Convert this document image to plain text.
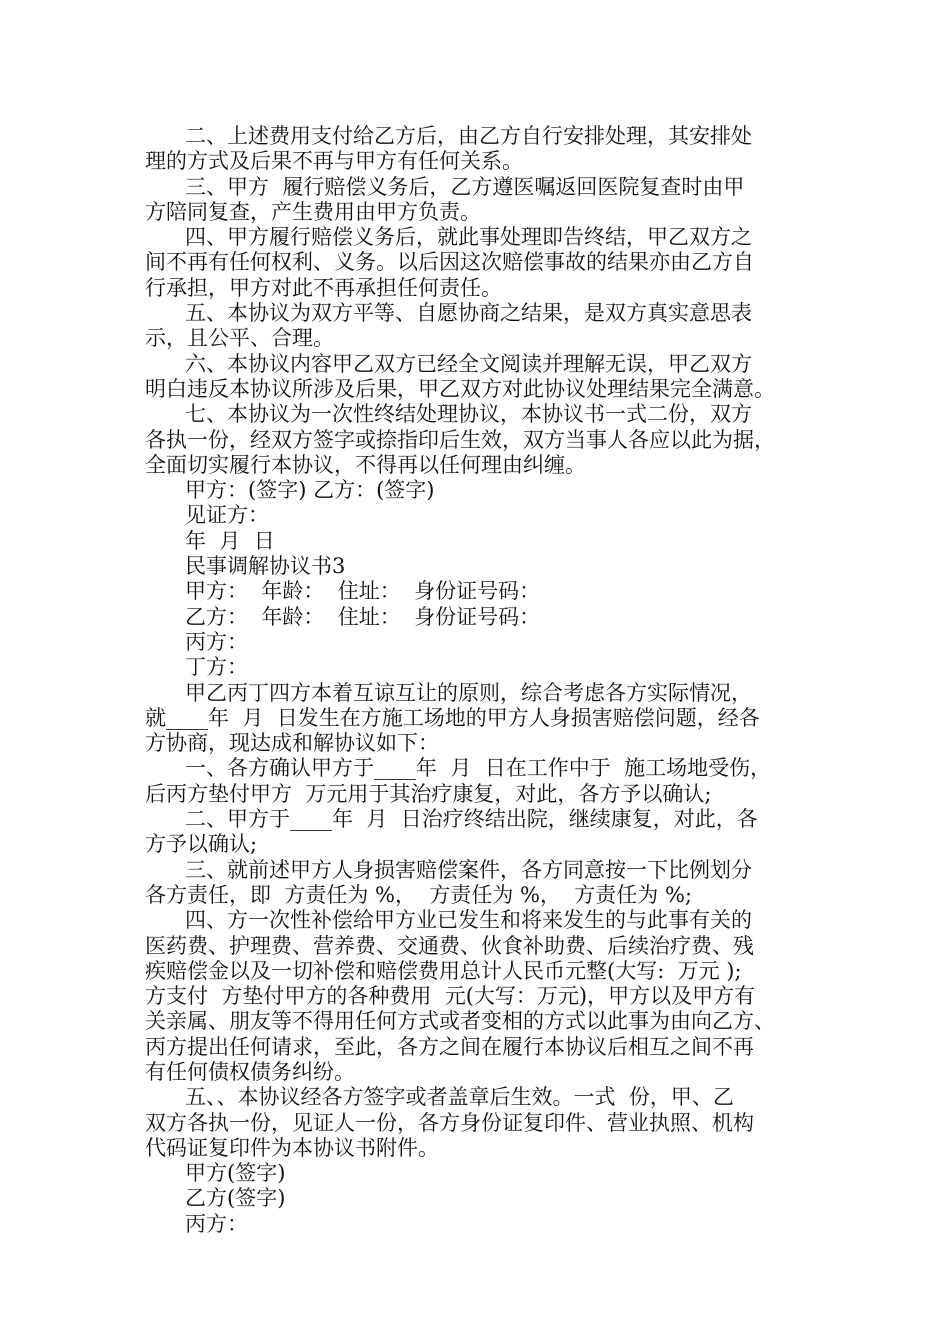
二、上述费用支付给乙方后，由乙方自行安排处理，其安排处
理的方式及后果不再与甲方有任何关系。
三、甲方  履行赔偿义务后，乙方遵医嘱返回医院复查时由甲
方陪同复查，产生费用由甲方负责。
四、甲方履行赔偿义务后，就此事处理即告终结，甲乙双方之
间不再有任何权利、义务。以后因这次赔偿事故的结果亦由乙方自
行承担，甲方对此不再承担任何责任。
五、本协议为双方平等、自愿协商之结果，是双方真实意思表
示，且公平、合理。
六、本协议内容甲乙双方已经全文阅读并理解无误，甲乙双方
明白违反本协议所涉及后果，甲乙双方对此协议处理结果完全满意。
七、本协议为一次性终结处理协议，本协议书一式二份，双方
各执一份，经双方签字或捺指印后生效，双方当事人各应以此为据，
全面切实履行本协议，不得再以任何理由纠缠。
甲方：(签字) 乙方：(签字)
见证方：
年  月  日
民事调解协议书3
甲方：  年龄：  住址：  身份证号码：
乙方：  年龄：  住址：  身份证号码：
丙方：
丁方：
甲乙丙丁四方本着互谅互让的原则，综合考虑各方实际情况，
就____年  月  日发生在方施工场地的甲方人身损害赔偿问题，经各
方协商，现达成和解协议如下：
一、各方确认甲方于____年  月  日在工作中于  施工场地受伤，
后丙方垫付甲方  万元用于其治疗康复，对此，各方予以确认;
二、甲方于____年  月  日治疗终结出院，继续康复，对此，各
方予以确认;
三、就前述甲方人身损害赔偿案件，各方同意按一下比例划分
各方责任，即  方责任为 %，  方责任为 %，  方责任为 %;
四、方一次性补偿给甲方业已发生和将来发生的与此事有关的
医药费、护理费、营养费、交通费、伙食补助费、后续治疗费、残
疾赔偿金以及一切补偿和赔偿费用总计人民币元整(大写:  万元 );
方支付  方垫付甲方的各种费用  元(大写：万元)，甲方以及甲方有
关亲属、朋友等不得用任何方式或者变相的方式以此事为由向乙方、
丙方提出任何请求，至此，各方之间在履行本协议后相互之间不再
有任何债权债务纠纷。
五、、本协议经各方签字或者盖章后生效。一式  份，甲、乙
双方各执一份，见证人一份，各方身份证复印件、营业执照、机构
代码证复印件为本协议书附件。
甲方(签字)
乙方(签字)
丙方：
